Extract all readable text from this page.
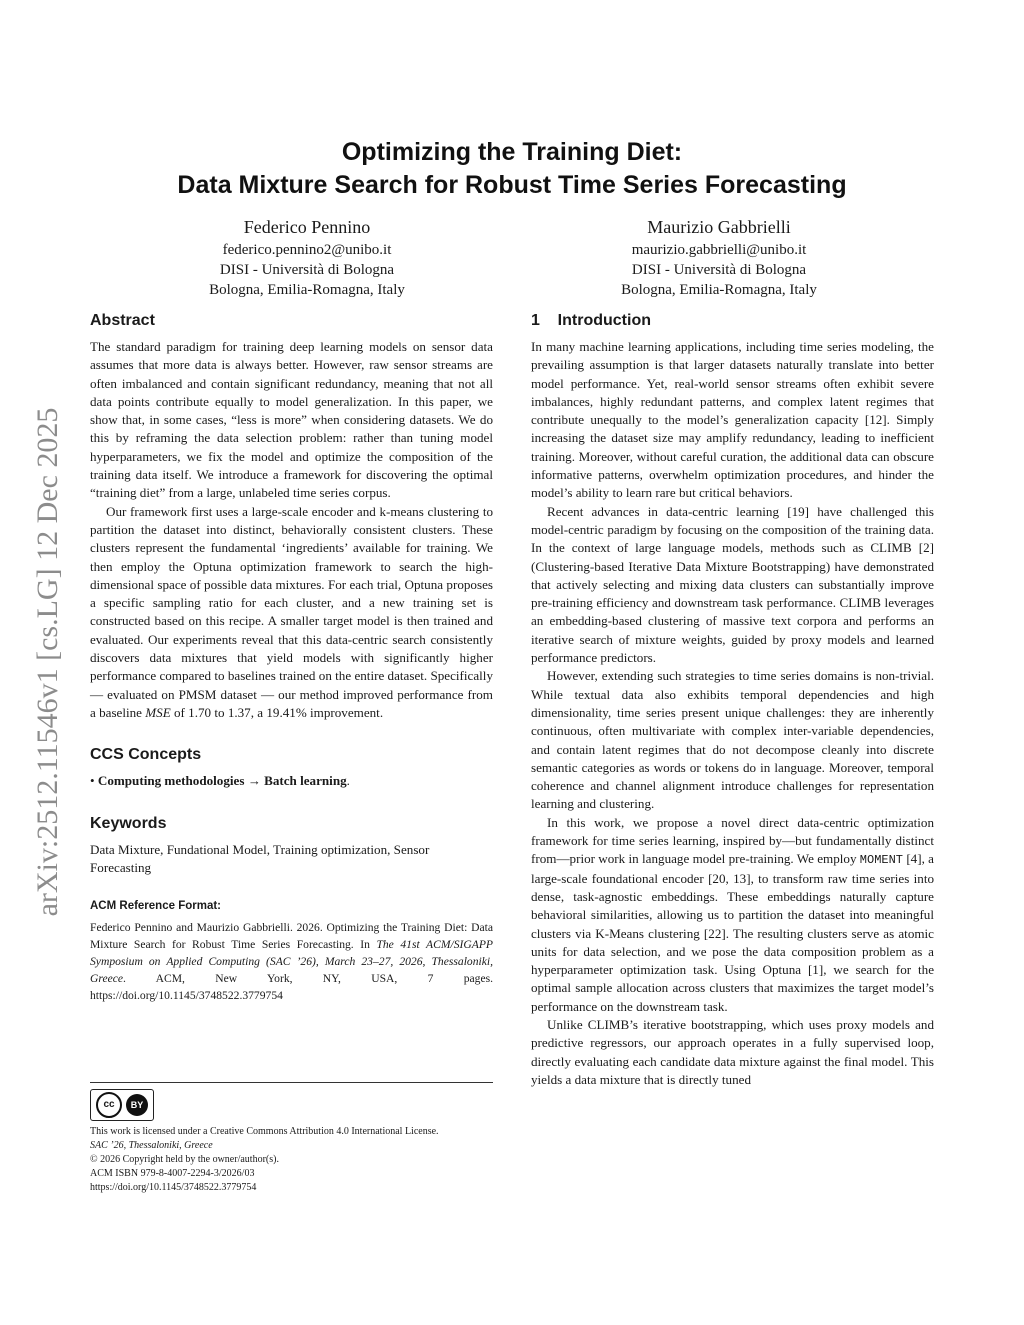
arXiv:2512.11546v1 [cs.LG] 12 Dec 2025
Optimizing the Training Diet:
Data Mixture Search for Robust Time Series Forecasting
Federico Pennino
federico.pennino2@unibo.it
DISI - Università di Bologna
Bologna, Emilia-Romagna, Italy
Maurizio Gabbrielli
maurizio.gabbrielli@unibo.it
DISI - Università di Bologna
Bologna, Emilia-Romagna, Italy
Abstract

The standard paradigm for training deep learning models on sensor data assumes that more data is always better. However, raw sensor streams are often imbalanced and contain significant redundancy, meaning that not all data points contribute equally to model generalization. In this paper, we show that, in some cases, “less is more” when considering datasets. We do this by reframing the data selection problem: rather than tuning model hyperparameters, we fix the model and optimize the composition of the training data itself. We introduce a framework for discovering the optimal “training diet” from a large, unlabeled time series corpus.

Our framework first uses a large-scale encoder and k-means clustering to partition the dataset into distinct, behaviorally consistent clusters. These clusters represent the fundamental ‘ingredients’ available for training. We then employ the Optuna optimization framework to search the high-dimensional space of possible data mixtures. For each trial, Optuna proposes a specific sampling ratio for each cluster, and a new training set is constructed based on this recipe. A smaller target model is then trained and evaluated. Our experiments reveal that this data-centric search consistently discovers data mixtures that yield models with significantly higher performance compared to baselines trained on the entire dataset. Specifically — evaluated on PMSM dataset — our method improved performance from a baseline MSE of 1.70 to 1.37, a 19.41% improvement.

CCS Concepts
• Computing methodologies → Batch learning.
Keywords
Data Mixture, Fundational Model, Training optimization, Sensor Forecasting
ACM Reference Format:
Federico Pennino and Maurizio Gabbrielli. 2026. Optimizing the Training Diet: Data Mixture Search for Robust Time Series Forecasting. In The 41st ACM/SIGAPP Symposium on Applied Computing (SAC ’26), March 23–27, 2026, Thessaloniki, Greece. ACM, New York, NY, USA, 7 pages. https://doi.org/10.1145/3748522.3779754
cc	BY
This work is licensed under a Creative Commons Attribution 4.0 International License.
SAC ’26, Thessaloniki, Greece
© 2026 Copyright held by the owner/author(s).
ACM ISBN 979-8-4007-2294-3/2026/03
https://doi.org/10.1145/3748522.3779754
1    Introduction

In many machine learning applications, including time series modeling, the prevailing assumption is that larger datasets naturally translate into better model performance. Yet, real-world sensor streams often exhibit severe imbalances, highly redundant patterns, and complex latent regimes that contribute unequally to the model’s generalization capacity [12]. Simply increasing the dataset size may amplify redundancy, leading to inefficient training. Moreover, without careful curation, the additional data can obscure informative patterns, overwhelm optimization procedures, and hinder the model’s ability to learn rare but critical behaviors.

Recent advances in data-centric learning [19] have challenged this model-centric paradigm by focusing on the composition of the training data. In the context of large language models, methods such as CLIMB [2] (Clustering-based Iterative Data Mixture Bootstrapping) have demonstrated that actively selecting and mixing data clusters can substantially improve pre-training efficiency and downstream task performance. CLIMB leverages an embedding-based clustering of massive text corpora and performs an iterative search of mixture weights, guided by proxy models and learned performance predictors.

However, extending such strategies to time series domains is non-trivial. While textual data also exhibits temporal dependencies and high dimensionality, time series present unique challenges: they are inherently continuous, often multivariate with complex inter-variable dependencies, and contain latent regimes that do not decompose cleanly into discrete semantic categories as words or tokens do in language. Moreover, temporal coherence and channel alignment introduce challenges for representation learning and clustering.

In this work, we propose a novel direct data-centric optimization framework for time series learning, inspired by—but fundamentally distinct from—prior work in language model pre-training. We employ MOMENT [4], a large-scale foundational encoder [20, 13], to transform raw time series into dense, task-agnostic embeddings. These embeddings naturally capture behavioral similarities, allowing us to partition the dataset into meaningful clusters via K-Means clustering [22]. The resulting clusters serve as atomic units for data selection, and we pose the data composition problem as a hyperparameter optimization task. Using Optuna [1], we search for the optimal sample allocation across clusters that maximizes the target model’s performance on the downstream task.

Unlike CLIMB’s iterative bootstrapping, which uses proxy models and predictive regressors, our approach operates in a fully supervised loop, directly evaluating each candidate data mixture against the final model. This yields a data mixture that is directly tuned
